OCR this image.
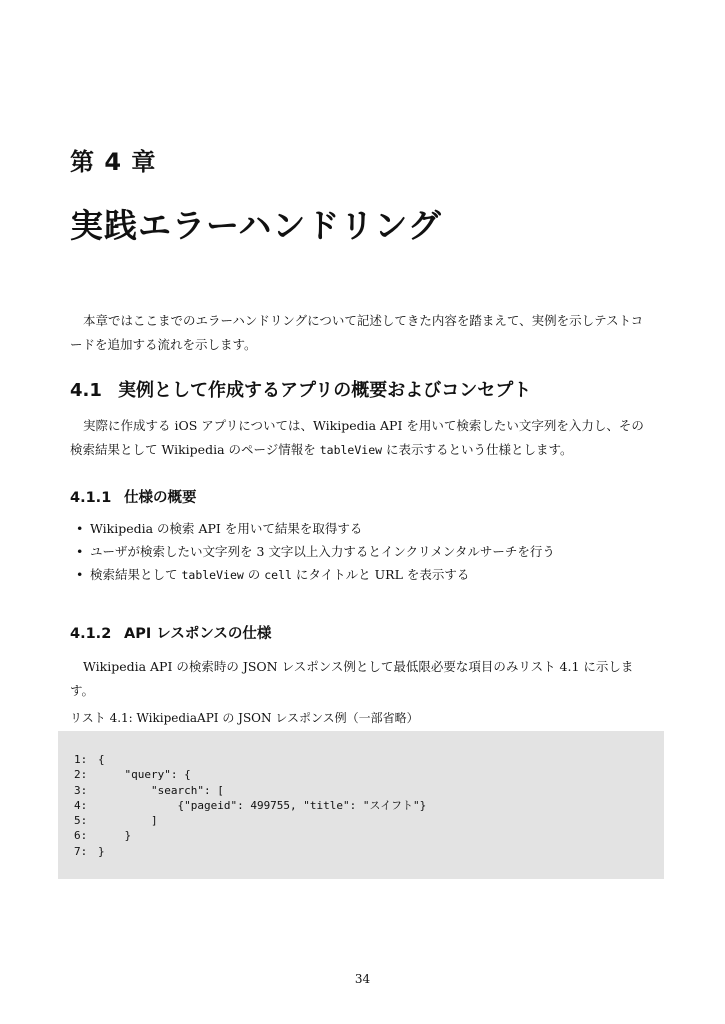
第 4 章
実践エラーハンドリング

本章ではここまでのエラーハンドリングについて記述してきた内容を踏まえて、実例を示しテストコードを追加する流れを示します。

4.1 実例として作成するアプリの概要およびコンセプト

実際に作成する iOS アプリについては、Wikipedia API を用いて検索したい文字列を入力し、その検索結果として Wikipedia のページ情報を tableView に表示するという仕様とします。

4.1.1 仕様の概要
• Wikipedia の検索 API を用いて結果を取得する
• ユーザが検索したい文字列を 3 文字以上入力するとインクリメンタルサーチを行う
• 検索結果として tableView の cell にタイトルと URL を表示する
4.1.2 API レスポンスの仕様

Wikipedia API の検索時の JSON レスポンス例として最低限必要な項目のみリスト 4.1 に示します。

リスト 4.1: WikipediaAPI の JSON レスポンス例（一部省略）
1: {
2:    "query": {
3:        "search": [
4:            {"pageid": 499755, "title": "スイフト"}
5:        ]
6:    }
7: }
34
